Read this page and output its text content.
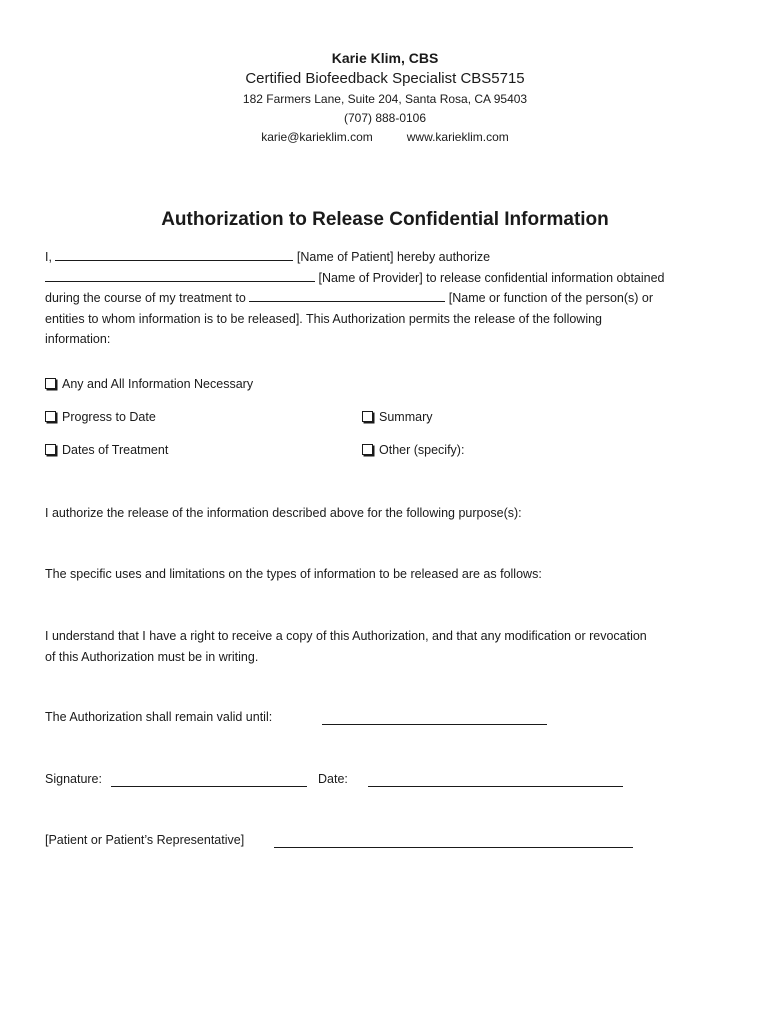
Karie Klim, CBS
Certified Biofeedback Specialist CBS5715
182 Farmers Lane, Suite 204, Santa Rosa, CA 95403
(707) 888-0106
karie@karieklim.com	www.karieklim.com
Authorization to Release Confidential Information
I,	[Name of Patient] hereby authorize
[Name of Provider] to release confidential information obtained
during the course of my treatment to	[Name or function of the person(s) or
entities to whom information is to be released]. This Authorization permits the release of the following
information:
Any and All Information Necessary
Progress to Date	Summary
Dates of Treatment	Other (specify):
I authorize the release of the information described above for the following purpose(s):
The specific uses and limitations on the types of information to be released are as follows:
I understand that I have a right to receive a copy of this Authorization, and that any modification or revocation
of this Authorization must be in writing.
The Authorization shall remain valid until:
Signature:	Date:
[Patient or Patient’s Representative]
